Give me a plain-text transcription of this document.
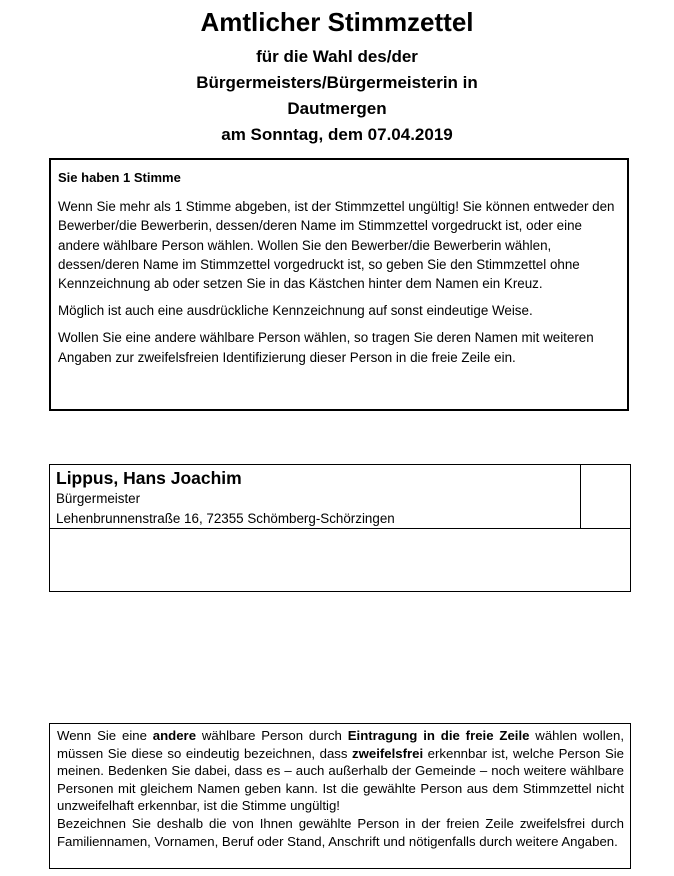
Amtlicher Stimmzettel
für die Wahl des/der
Bürgermeisters/Bürgermeisterin in
Dautmergen
am Sonntag, dem 07.04.2019
Sie haben 1 Stimme

Wenn Sie mehr als 1 Stimme abgeben, ist der Stimmzettel ungültig! Sie können entweder den Bewerber/die Bewerberin, dessen/deren Name im Stimmzettel vorgedruckt ist, oder eine andere wählbare Person wählen. Wollen Sie den Bewerber/die Bewerberin wählen, dessen/deren Name im Stimmzettel vorgedruckt ist, so geben Sie den Stimmzettel ohne Kennzeichnung ab oder setzen Sie in das Kästchen hinter dem Namen ein Kreuz.

Möglich ist auch eine ausdrückliche Kennzeichnung auf sonst eindeutige Weise.

Wollen Sie eine andere wählbare Person wählen, so tragen Sie deren Namen mit weiteren Angaben zur zweifelsfreien Identifizierung dieser Person in die freie Zeile ein.

Lippus, Hans Joachim
Bürgermeister
Lehenbrunnenstraße 16, 72355 Schömberg-Schörzingen
Wenn Sie eine andere wählbare Person durch Eintragung in die freie Zeile wählen wollen, müssen Sie diese so eindeutig bezeichnen, dass zweifelsfrei erkennbar ist, welche Person Sie meinen. Bedenken Sie dabei, dass es – auch außerhalb der Gemeinde – noch weitere wählbare Personen mit gleichem Namen geben kann. Ist die gewählte Person aus dem Stimmzettel nicht unzweifelhaft erkennbar, ist die Stimme ungültig!
Bezeichnen Sie deshalb die von Ihnen gewählte Person in der freien Zeile zweifelsfrei durch Familiennamen, Vornamen, Beruf oder Stand, Anschrift und nötigenfalls durch weitere Angaben.
